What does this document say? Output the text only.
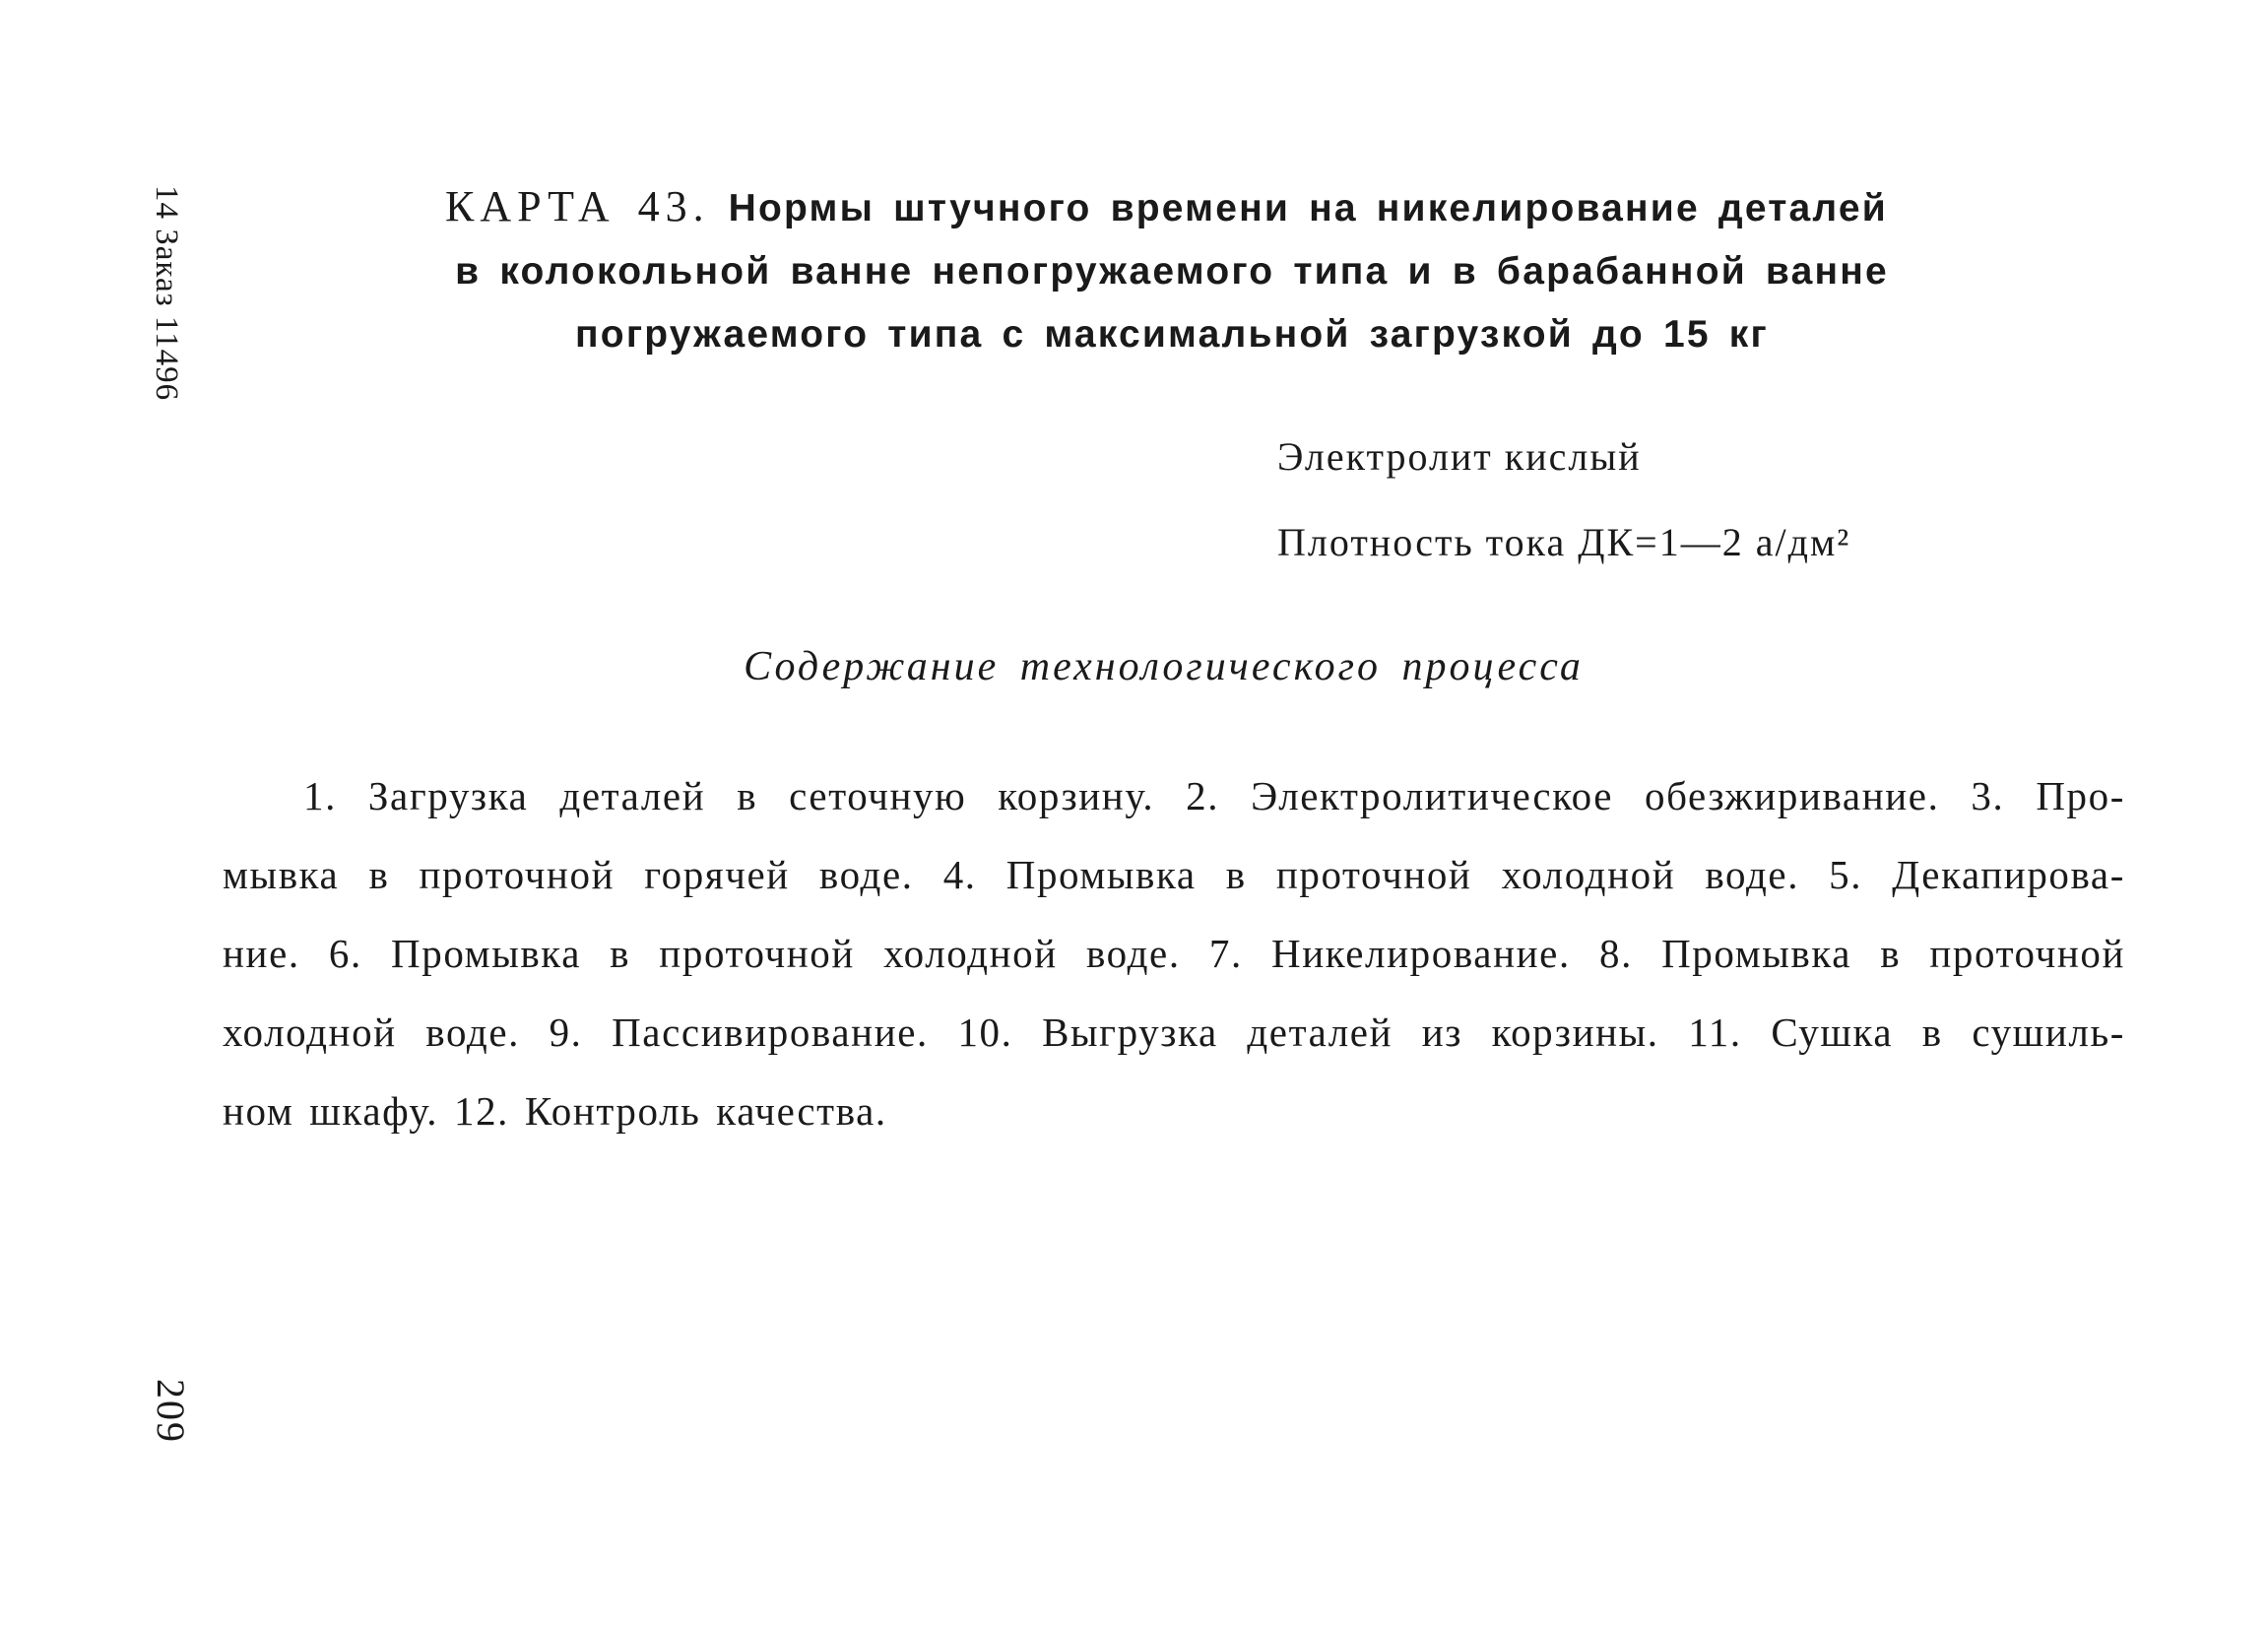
14 Заказ 11496
209
КАРТА 43. Нормы штучного времени на никелирование деталей
в колокольной ванне непогружаемого типа и в барабанной ванне
погружаемого типа с максимальной загрузкой до 15 кг
Электролит кислый
Плотность тока ДК=1—2 а/дм²
Содержание технологического процесса
1. Загрузка деталей в сеточную корзину. 2. Электролитическое обезжиривание. 3. Про-
мывка в проточной горячей воде. 4. Промывка в проточной холодной воде. 5. Декапирова-
ние. 6. Промывка в проточной холодной воде. 7. Никелирование. 8. Промывка в проточной
холодной воде. 9. Пассивирование. 10. Выгрузка деталей из корзины. 11. Сушка в сушиль-
ном шкафу. 12. Контроль качества.
